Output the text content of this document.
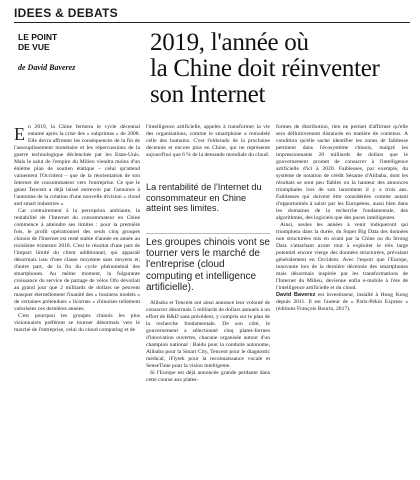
IDEES & DEBATS
LE POINT
DE VUE
de David Baverez
2019, l'année où
la Chine doit réinventer
son Internet

En 2019, la Chine fermera le cycle décennal entamé après la crise des « subprimes » de 2008. Elle devra affronter les conséquences de la fin de l'assouplissement monétaire et les répercussions de la guerre technologique déclenchée par les Etats-Unis. Mais le salut de l'empire du Milieu viendra moins d'un énième plan de soutien étatique – celui qu'attend vainement l'Occident – que de la réorientation de son Internet de consommateur vers l'entreprise. Ce que le géant Tencent a déjà laissé entrevoir par l'annonce à l'automne de la création d'une nouvelle division « cloud and smart industries ».

Car contrairement à la perception ambiante, la rentabilité de l'Internet du consommateur en Chine commence à atteindre ses limites : pour la première fois, le profit opérationnel des seuls cinq groupes chinois de l'Internet est resté stable d'année en année au troisième trimestre 2018. C'est le résultat d'une part de l'impact limité du client additionnel, qui apparaît désormais issu d'une classe moyenne sans moyens et, d'autre part, de la fin du cycle phénoménal des smartphones. Au même moment, la fulgurante croissance du service de partage de vélos Ofo dévoilait au grand jour que 2 milliards de dollars ne peuvent masquer éternellement l'inanité des « business models » de certaines prétendues « licornes » chinoises tellement valorisées ces dernières années.

C'est pourquoi les groupes chinois les plus visionnaires préfèrent se tourner désormais vers le marché de l'entreprise, celui du cloud computing et de

l'intelligence artificielle, appelés à transformer la vie des organisations, comme le smartphone a remodelé celle des humains. C'est l'eldorado de la prochaine décennie et encore plus en Chine, qui ne représente aujourd'hui que 6 % de la demande mondiale du cloud.

La rentabilité de l'Internet du consommateur en Chine atteint ses limites.
Les groupes chinois vont se tourner vers le marché de l'entreprise (cloud computing et intelligence artificielle).

Alibaba et Tencent ont ainsi annoncé leur volonté de consacrer désormais 5 milliards de dollars annuels à un effort de R&D sans précédent, y compris sur le plan de la recherche fondamentale. De son côté, le gouvernement a sélectionné cinq plates-formes d'innovation ouvertes, chacune organisée autour d'un champion national : Baidu pour la conduite autonome, Alibaba pour la Smart City, Tencent pour le diagnostic médical, iFlytek pour la reconnaissance vocale et SenseTime pour la vision intelligente.

Si l'Europe est déjà annoncée grande perdante dans cette course aux plates-

formes de distribution, rien ne permet d'affirmer qu'elle sera définitivement distancée en matière de contenus. A condition qu'elle sache identifier les zones de faiblesse pertinent dans l'écosystème chinois, malgré les impressionnants 20 milliards de dollars que le gouvernement promet de consacrer à l'intelligence artificielle d'ici à 2020. Faiblesses, par exemple, du système de notation de crédit Sésame d'Alibaba, dont les résultats se sont peu fiables ou la hauteur des annonces triomphales lors de son lancement il y a trois ans. Faiblesses qui doivent être considérées comme autant d'opportunités à saisir par les Européens, aussi bien dans les domaines de la recherche fondamentale, des algorithmes, des logiciels que des puces intelligentes.

Ainsi, seules les années à venir indiqueront qui triomphera dans la durée, du Super Big Data des données non structurées mis en avant par la Chine ou du Strong Data s'attachant avant tout à exploiter le très large potentiel encore vierge des données structurées, prévalant généralement en Occident. Avec l'espoir que l'Europe, innovante lors de la dernière décennie des smartphones mais désormais inspirée par les transformations de l'Internet du Milieu, devienne enfin e-mobile à l'ère de l'intelligence artificielle et du cloud.

David Baverez est investisseur, installé à Hong Kong depuis 2011. Il est l'auteur de « Paris-Pékin Express » (éditions François Bourin, 2017).
